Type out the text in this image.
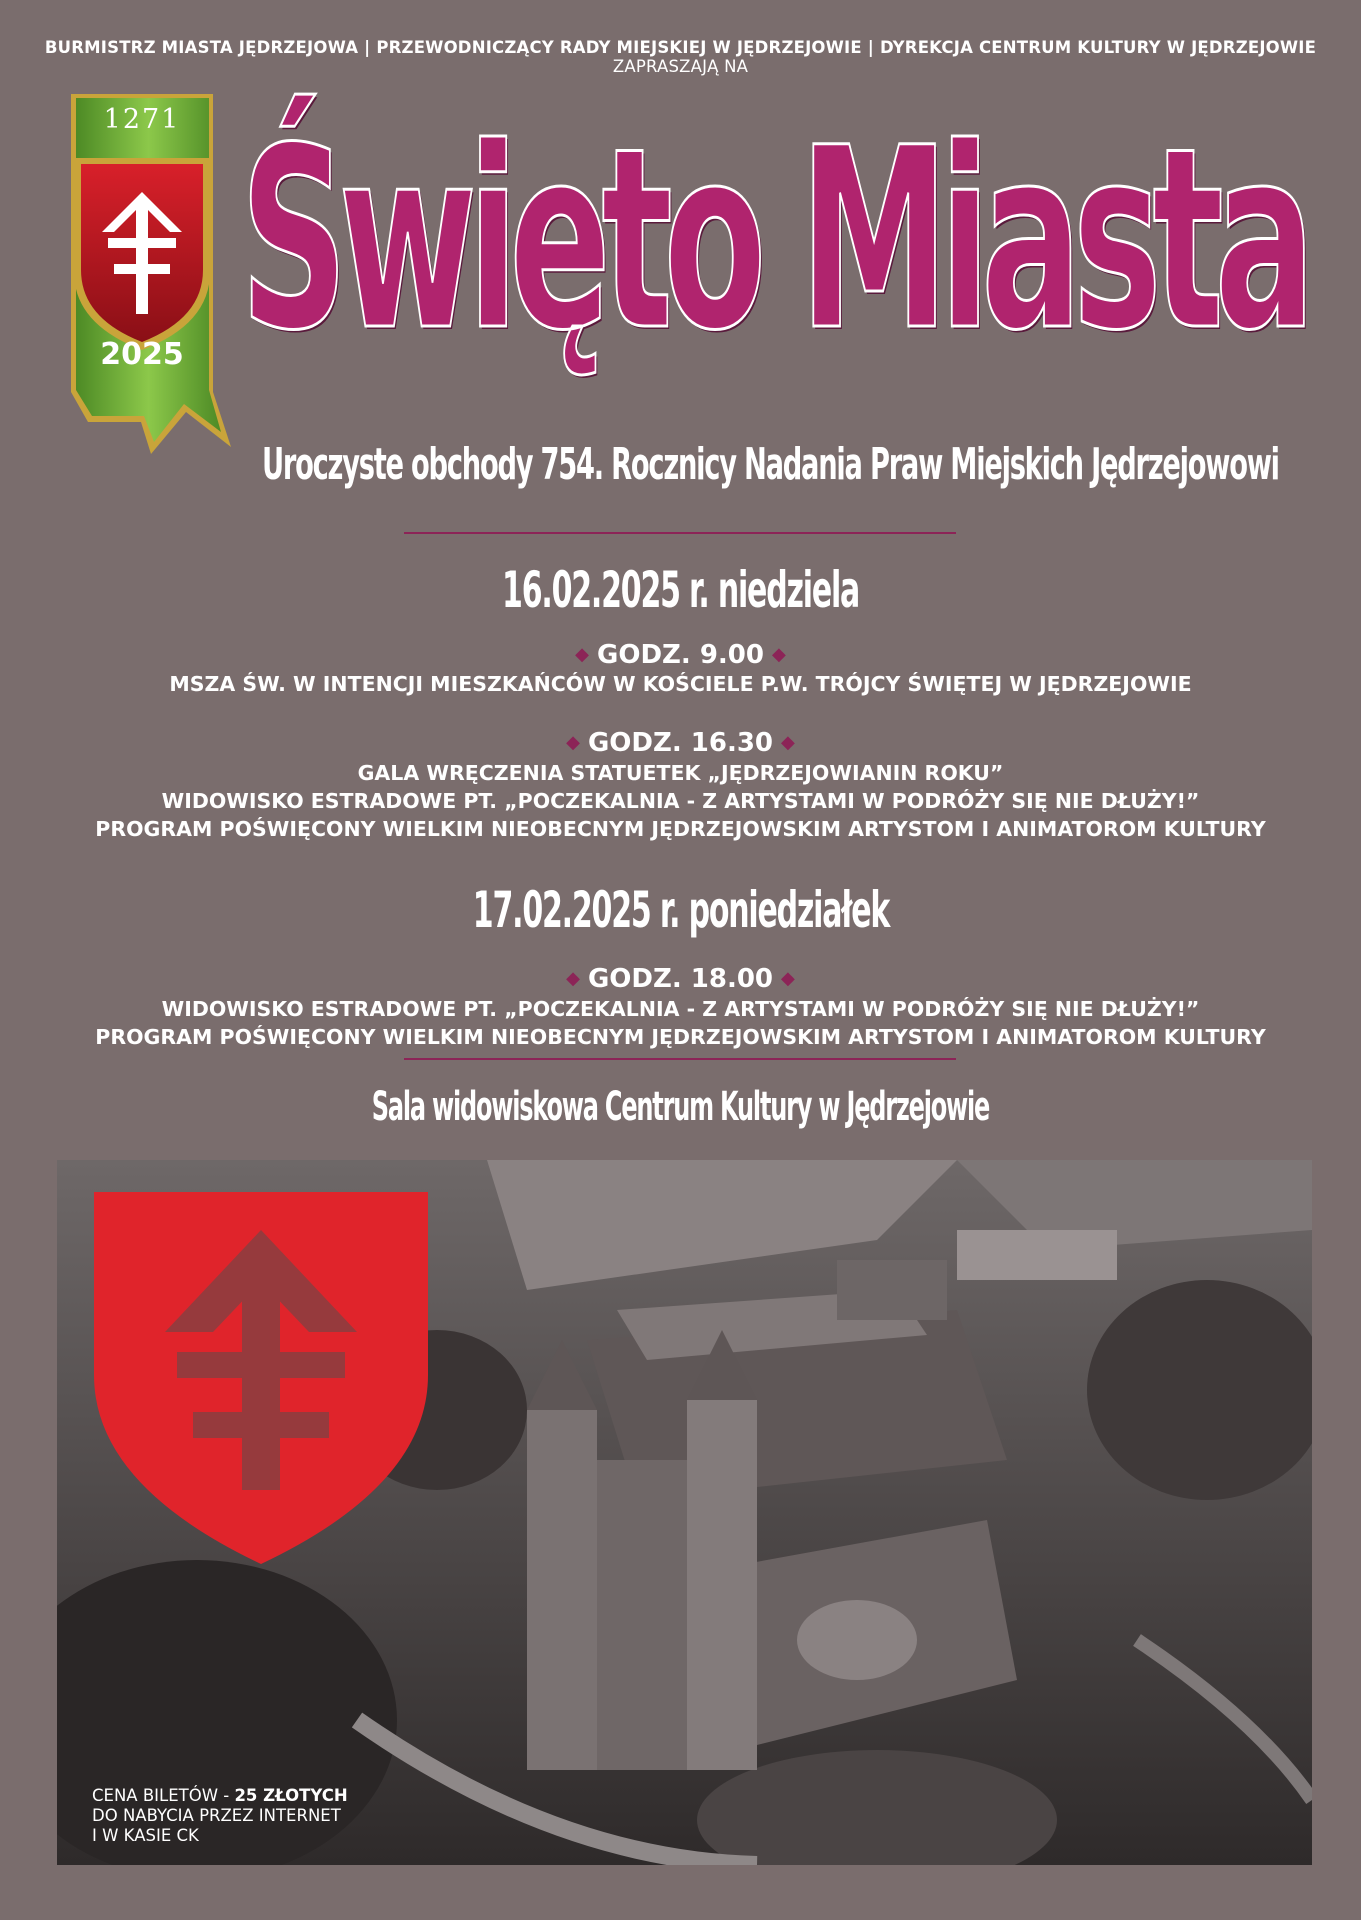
BURMISTRZ MIASTA JĘDRZEJOWA | PRZEWODNICZĄCY RADY MIEJSKIEJ W JĘDRZEJOWIE | DYREKCJA CENTRUM KULTURY W JĘDRZEJOWIE
ZAPRASZAJĄ NA
1271
2025 Święto Miasta
Uroczyste obchody 754. Rocznicy Nadania Praw Miejskich Jędrzejowowi
16.02.2025 r. niedziela
◆ GODZ. 9.00 ◆
MSZA ŚW. W INTENCJI MIESZKAŃCÓW W KOŚCIELE P.W. TRÓJCY ŚWIĘTEJ W JĘDRZEJOWIE
◆ GODZ. 16.30 ◆
GALA WRĘCZENIA STATUETEK „JĘDRZEJOWIANIN ROKU”
WIDOWISKO ESTRADOWE PT. „POCZEKALNIA - Z ARTYSTAMI W PODRÓŻY SIĘ NIE DŁUŻY!”
PROGRAM POŚWIĘCONY WIELKIM NIEOBECNYM JĘDRZEJOWSKIM ARTYSTOM I ANIMATOROM KULTURY
17.02.2025 r. poniedziałek
◆ GODZ. 18.00 ◆
WIDOWISKO ESTRADOWE PT. „POCZEKALNIA - Z ARTYSTAMI W PODRÓŻY SIĘ NIE DŁUŻY!”
PROGRAM POŚWIĘCONY WIELKIM NIEOBECNYM JĘDRZEJOWSKIM ARTYSTOM I ANIMATOROM KULTURY
Sala widowiskowa Centrum Kultury w Jędrzejowie
CENA BILETÓW - 25 ZŁOTYCH
DO NABYCIA PRZEZ INTERNET
I W KASIE CK
